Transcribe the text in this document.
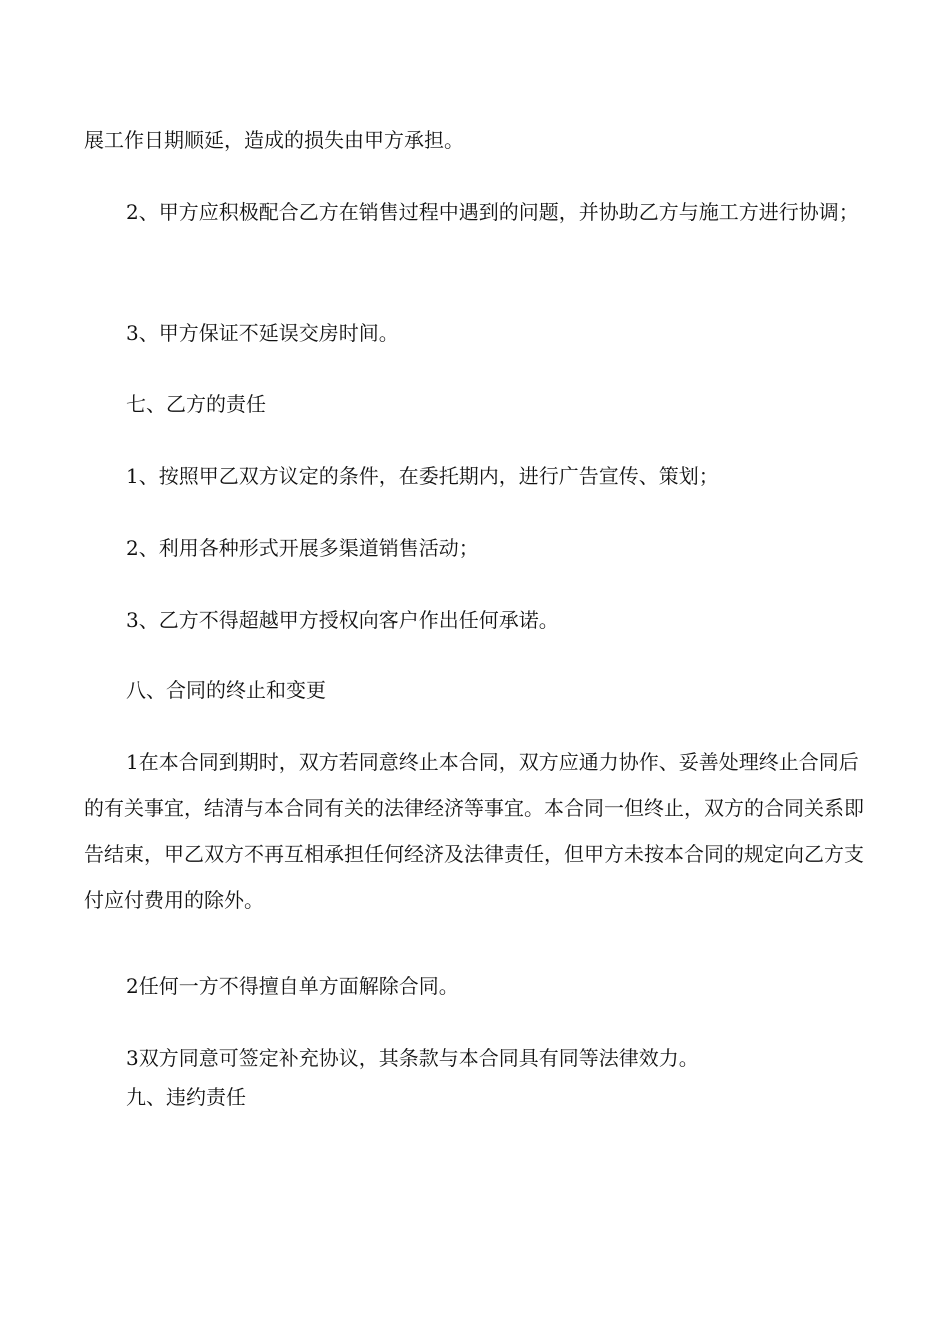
展工作日期顺延，造成的损失由甲方承担。

2、甲方应积极配合乙方在销售过程中遇到的问题，并协助乙方与施工方进行协调；

3、甲方保证不延误交房时间。

七、乙方的责任

1、按照甲乙双方议定的条件，在委托期内，进行广告宣传、策划；

2、利用各种形式开展多渠道销售活动；

3、乙方不得超越甲方授权向客户作出任何承诺。

八、合同的终止和变更

1在本合同到期时，双方若同意终止本合同，双方应通力协作、妥善处理终止合同后的有关事宜，结清与本合同有关的法律经济等事宜。本合同一但终止，双方的合同关系即告结束，甲乙双方不再互相承担任何经济及法律责任，但甲方未按本合同的规定向乙方支付应付费用的除外。

2任何一方不得擅自单方面解除合同。

3双方同意可签定补充协议，其条款与本合同具有同等法律效力。

九、违约责任
